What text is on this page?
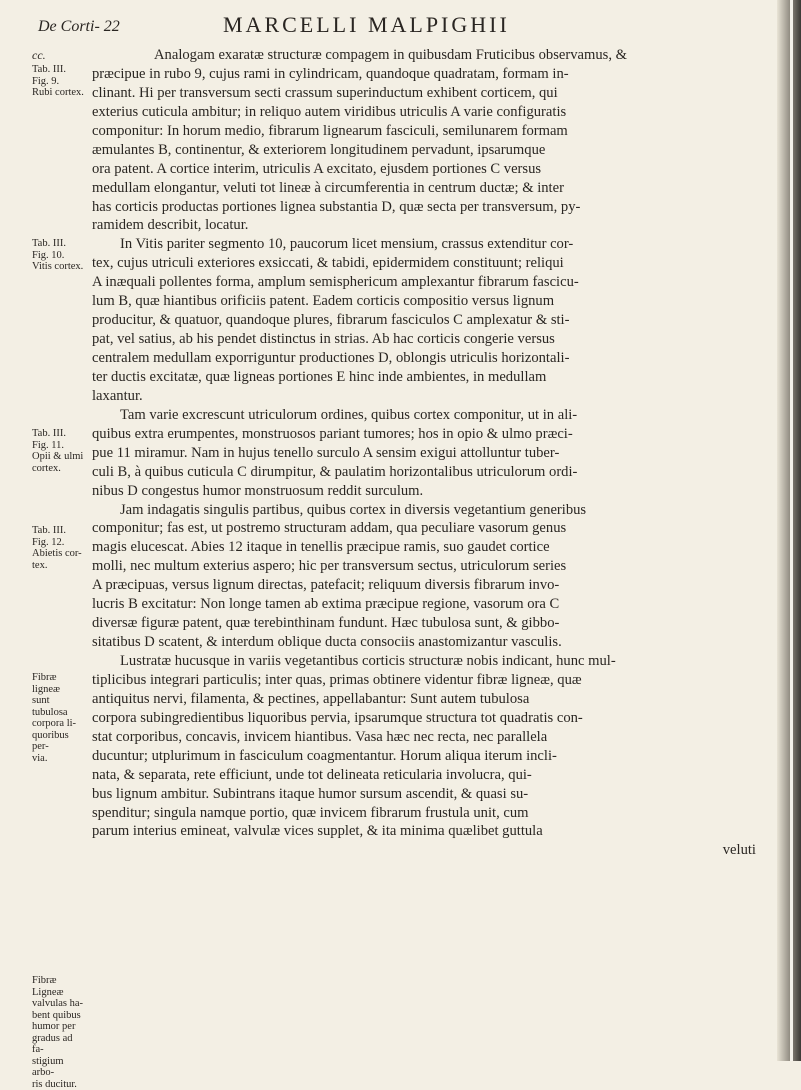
De Corti- 22	MARCELLI MALPIGHII
cc.
Tab. III.
Fig. 9.
Rubi cortex.
Tab. III.
Fig. 10.
Vitis cortex.
Tab. III.
Fig. 11.
Opii & ulmi
cortex.
Tab. III.
Fig. 12.
Abietis cor-
tex.
Fibræ ligneæ
sunt tubulosa
corpora li-
quoribus per-
via.
Fibræ Ligneæ
valvulas ha-
bent quibus
humor per
gradus ad fa-
stigium arbo-
ris ducitur.
Analogam exaratæ structuræ compagem in quibusdam Fruticibus observamus, &
præcipue in rubo 9, cujus rami in cylindricam, quandoque quadratam, formam in-
clinant. Hi per transversum secti crassum superinductum exhibent corticem, qui
exterius cuticula ambitur; in reliquo autem viridibus utriculis A varie configuratis
componitur: In horum medio, fibrarum lignearum fasciculi, semilunarem formam
æmulantes B, continentur, & exteriorem longitudinem pervadunt, ipsarumque
ora patent. A cortice interim, utriculis A excitato, ejusdem portiones C versus
medullam elongantur, veluti tot lineæ à circumferentia in centrum ductæ; & inter
has corticis productas portiones lignea substantia D, quæ secta per transversum, py-
ramidem describit, locatur.
In Vitis pariter segmento 10, paucorum licet mensium, crassus extenditur cor-
tex, cujus utriculi exteriores exsiccati, & tabidi, epidermidem constituunt; reliqui
A inæquali pollentes forma, amplum semisphericum amplexantur fibrarum fascicu-
lum B, quæ hiantibus orificiis patent. Eadem corticis compositio versus lignum
producitur, & quatuor, quandoque plures, fibrarum fasciculos C amplexatur & sti-
pat, vel satius, ab his pendet distinctus in strias. Ab hac corticis congerie versus
centralem medullam exporriguntur productiones D, oblongis utriculis horizontali-
ter ductis excitatæ, quæ ligneas portiones E hinc inde ambientes, in medullam
laxantur.
Tam varie excrescunt utriculorum ordines, quibus cortex componitur, ut in ali-
quibus extra erumpentes, monstruosos pariant tumores; hos in opio & ulmo præci-
pue 11 miramur. Nam in hujus tenello surculo A sensim exigui attolluntur tuber-
culi B, à quibus cuticula C dirumpitur, & paulatim horizontalibus utriculorum ordi-
nibus D congestus humor monstruosum reddit surculum.
Jam indagatis singulis partibus, quibus cortex in diversis vegetantium generibus
componitur; fas est, ut postremo structuram addam, qua peculiare vasorum genus
magis elucescat. Abies 12 itaque in tenellis præcipue ramis, suo gaudet cortice
molli, nec multum exterius aspero; hic per transversum sectus, utriculorum series
A præcipuas, versus lignum directas, patefacit; reliquum diversis fibrarum invo-
lucris B excitatur: Non longe tamen ab extima præcipue regione, vasorum ora C
diversæ figuræ patent, quæ terebinthinam fundunt. Hæc tubulosa sunt, & gibbo-
sitatibus D scatent, & interdum oblique ducta consociis anastomizantur vasculis.
Lustratæ hucusque in variis vegetantibus corticis structuræ nobis indicant, hunc mul-
tiplicibus integrari particulis; inter quas, primas obtinere videntur fibræ ligneæ, quæ
antiquitus nervi, filamenta, & pectines, appellabantur: Sunt autem tubulosa
corpora subingredientibus liquoribus pervia, ipsarumque structura tot quadratis con-
stat corporibus, concavis, invicem hiantibus. Vasa hæc nec recta, nec parallela
ducuntur; utplurimum in fasciculum coagmentantur. Horum aliqua iterum incli-
nata, & separata, rete efficiunt, unde tot delineata reticularia involucra, qui-
bus lignum ambitur. Subintrans itaque humor sursum ascendit, & quasi su-
spenditur; singula namque portio, quæ invicem fibrarum frustula unit, cum
parum interius emineat, valvulæ vices supplet, & ita minima quælibet guttula
veluti
